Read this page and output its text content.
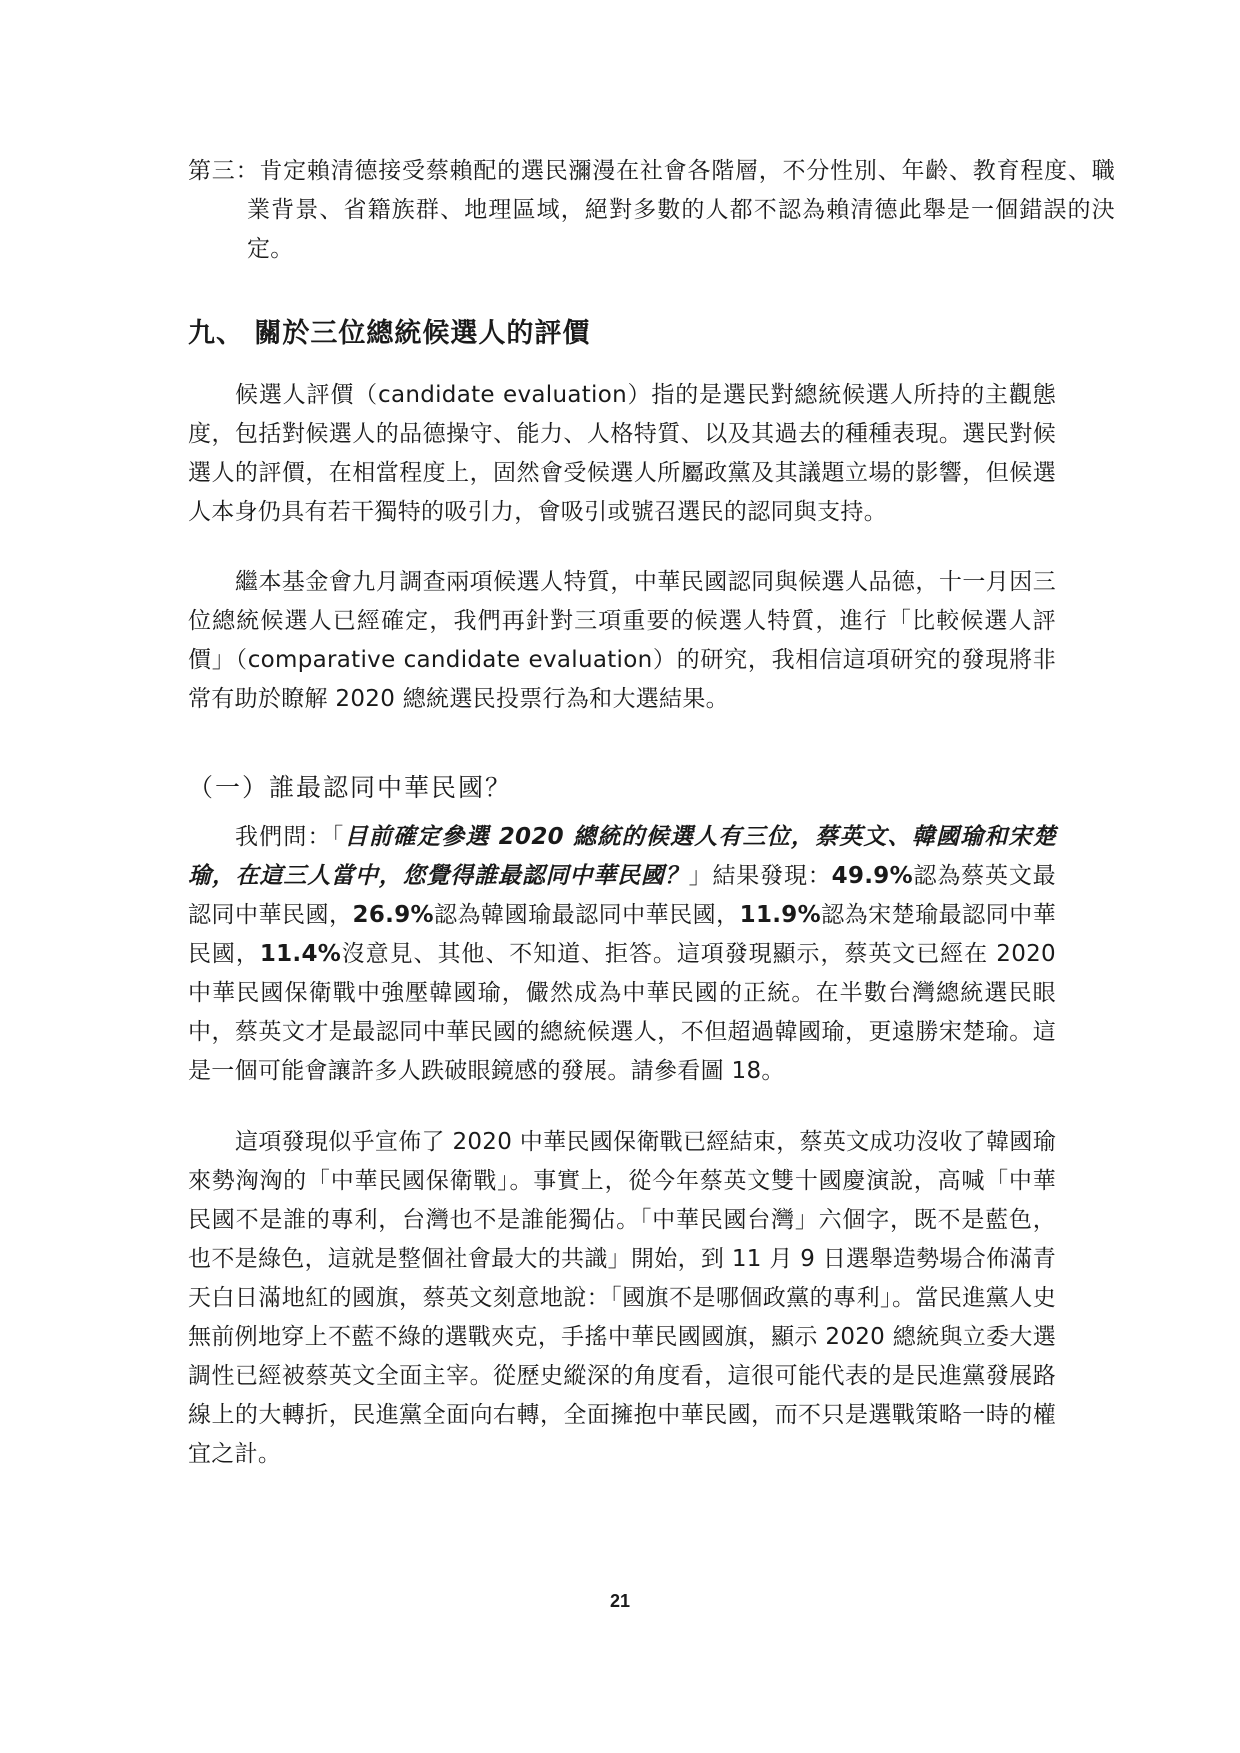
第三：肯定賴清德接受蔡賴配的選民瀰漫在社會各階層，不分性別、年齡、教育程度、職業背景、省籍族群、地理區域，絕對多數的人都不認為賴清德此舉是一個錯誤的決定。

九、 關於三位總統候選人的評價

候選人評價（candidate evaluation）指的是選民對總統候選人所持的主觀態度，包括對候選人的品德操守、能力、人格特質、以及其過去的種種表現。選民對候選人的評價，在相當程度上，固然會受候選人所屬政黨及其議題立場的影響，但候選人本身仍具有若干獨特的吸引力，會吸引或號召選民的認同與支持。

繼本基金會九月調查兩項候選人特質，中華民國認同與候選人品德，十一月因三位總統候選人已經確定，我們再針對三項重要的候選人特質，進行「比較候選人評價」（comparative candidate evaluation）的研究，我相信這項研究的發現將非常有助於瞭解 2020 總統選民投票行為和大選結果。

（一）誰最認同中華民國？

我們問：「目前確定參選 2020 總統的候選人有三位，蔡英文、韓國瑜和宋楚瑜，在這三人當中，您覺得誰最認同中華民國？」結果發現：49.9%認為蔡英文最認同中華民國，26.9%認為韓國瑜最認同中華民國，11.9%認為宋楚瑜最認同中華民國，11.4%沒意見、其他、不知道、拒答。這項發現顯示，蔡英文已經在 2020 中華民國保衛戰中強壓韓國瑜，儼然成為中華民國的正統。在半數台灣總統選民眼中，蔡英文才是最認同中華民國的總統候選人，不但超過韓國瑜，更遠勝宋楚瑜。這是一個可能會讓許多人跌破眼鏡感的發展。請參看圖 18。

這項發現似乎宣佈了 2020 中華民國保衛戰已經結束，蔡英文成功沒收了韓國瑜來勢洶洶的「中華民國保衛戰」。事實上，從今年蔡英文雙十國慶演說，高喊「中華民國不是誰的專利，台灣也不是誰能獨佔。「中華民國台灣」六個字，既不是藍色，也不是綠色，這就是整個社會最大的共識」開始，到 11 月 9 日選舉造勢場合佈滿青天白日滿地紅的國旗，蔡英文刻意地說：「國旗不是哪個政黨的專利」。當民進黨人史無前例地穿上不藍不綠的選戰夾克，手搖中華民國國旗，顯示 2020 總統與立委大選調性已經被蔡英文全面主宰。從歷史縱深的角度看，這很可能代表的是民進黨發展路線上的大轉折，民進黨全面向右轉，全面擁抱中華民國，而不只是選戰策略一時的權宜之計。

21
